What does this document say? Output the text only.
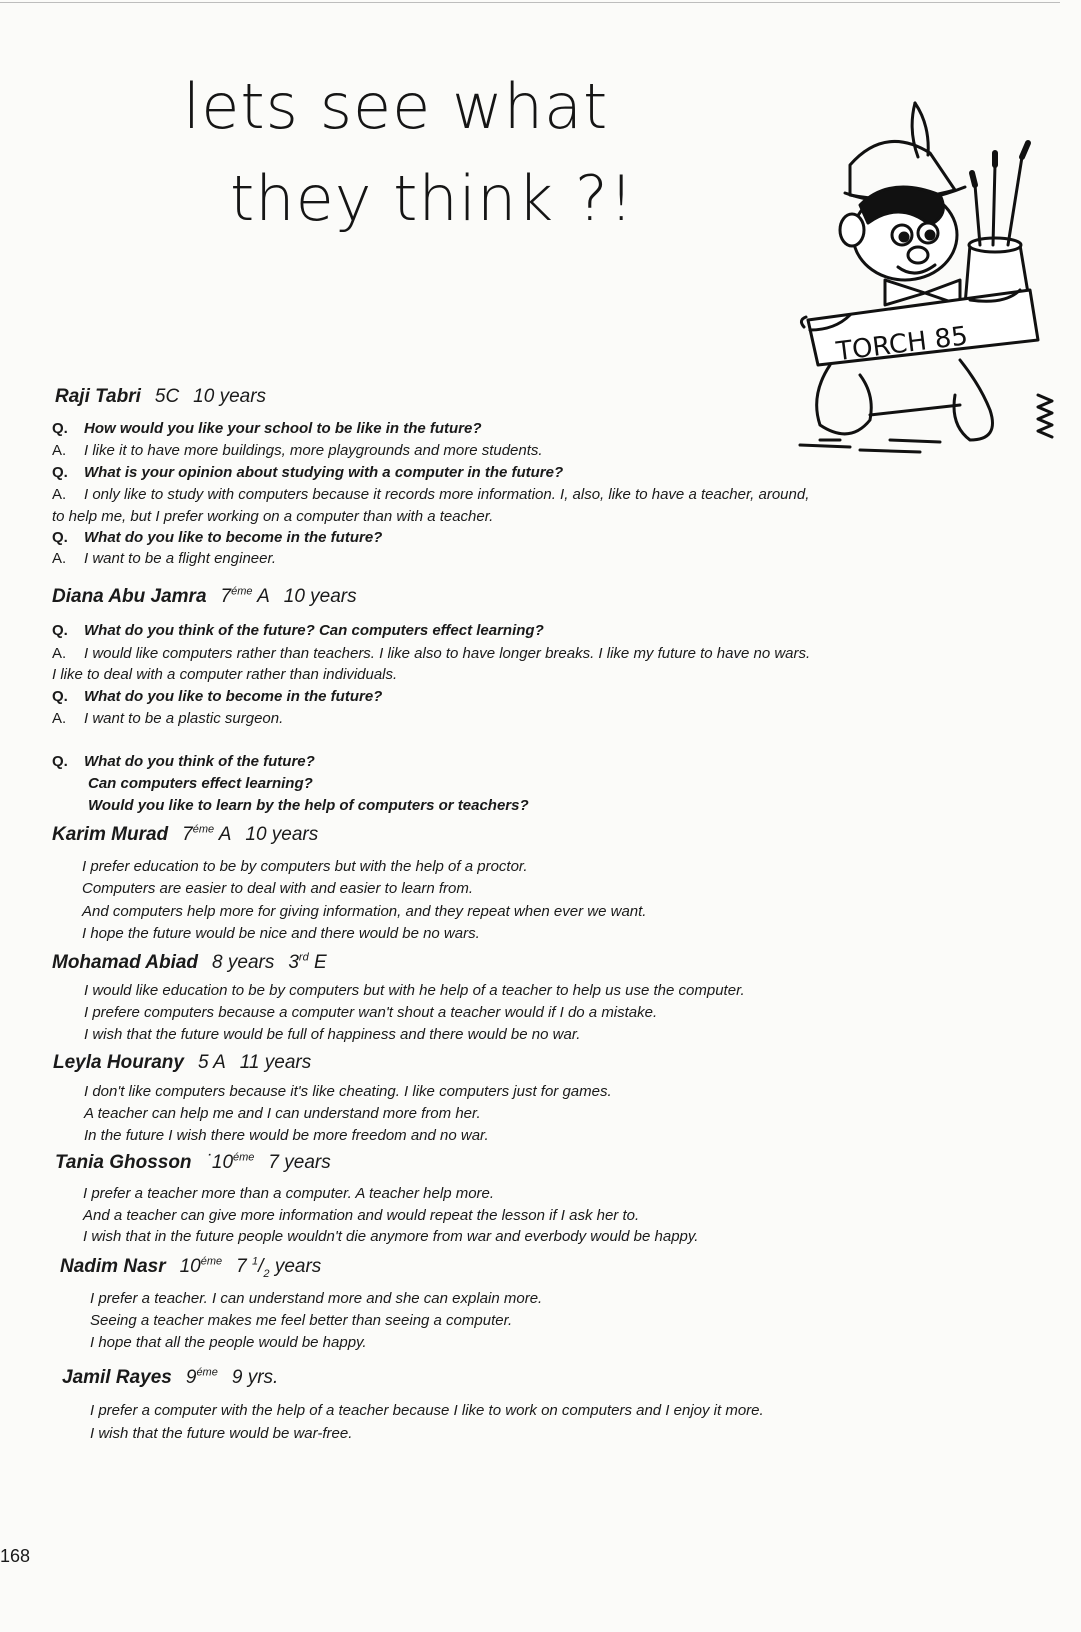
lets see what
they think ?!
TORCH 85
Raji Tabri 5C 10 years
Q. How would you like your school to be like in the future?
A. I like it to have more buildings, more playgrounds and more students.
Q. What is your opinion about studying with a computer in the future?
A. I only like to study with computers because it records more information. I, also, like to have a teacher, around,
to help me, but I prefer working on a computer than with a teacher.
Q. What do you like to become in the future?
A. I want to be a flight engineer.
Diana Abu Jamra $7^{éme}$ A 10 years
Q. What do you think of the future? Can computers effect learning?
A. I would like computers rather than teachers. I like also to have longer breaks. I like my future to have no wars.
I like to deal with a computer rather than individuals.
Q. What do you like to become in the future?
A. I want to be a plastic surgeon.
Q. What do you think of the future?
Can computers effect learning?
Would you like to learn by the help of computers or teachers?
Karim Murad $7^{éme}$ A 10 years
I prefer education to be by computers but with the help of a proctor.
Computers are easier to deal with and easier to learn from.
And computers help more for giving information, and they repeat when ever we want.
I hope the future would be nice and there would be no wars.
Mohamad Abiad 8 years 3rd E
I would like education to be by computers but with he help of a teacher to help us use the computer.
I prefere computers because a computer wan't shout a teacher would if I do a mistake.
I wish that the future would be full of happiness and there would be no war.
Leyla Hourany 5 A 11 years
I don't like computers because it's like cheating. I like computers just for games.
A teacher can help me and I can understand more from her.
In the future I wish there would be more freedom and no war.
Tania Ghosson $˙10^{éme}$ 7 years
I prefer a teacher more than a computer. A teacher help more.
And a teacher can give more information and would repeat the lesson if I ask her to.
I wish that in the future people wouldn't die anymore from war and everbody would be happy.
Nadim Nasr $10^{éme}$ 7 $^1/_2$ years
I prefer a teacher. I can understand more and she can explain more.
Seeing a teacher makes me feel better than seeing a computer.
I hope that all the people would be happy.
Jamil Rayes $9^{éme}$ 9 yrs.
I prefer a computer with the help of a teacher because I like to work on computers and I enjoy it more.
I wish that the future would be war-free.
168
